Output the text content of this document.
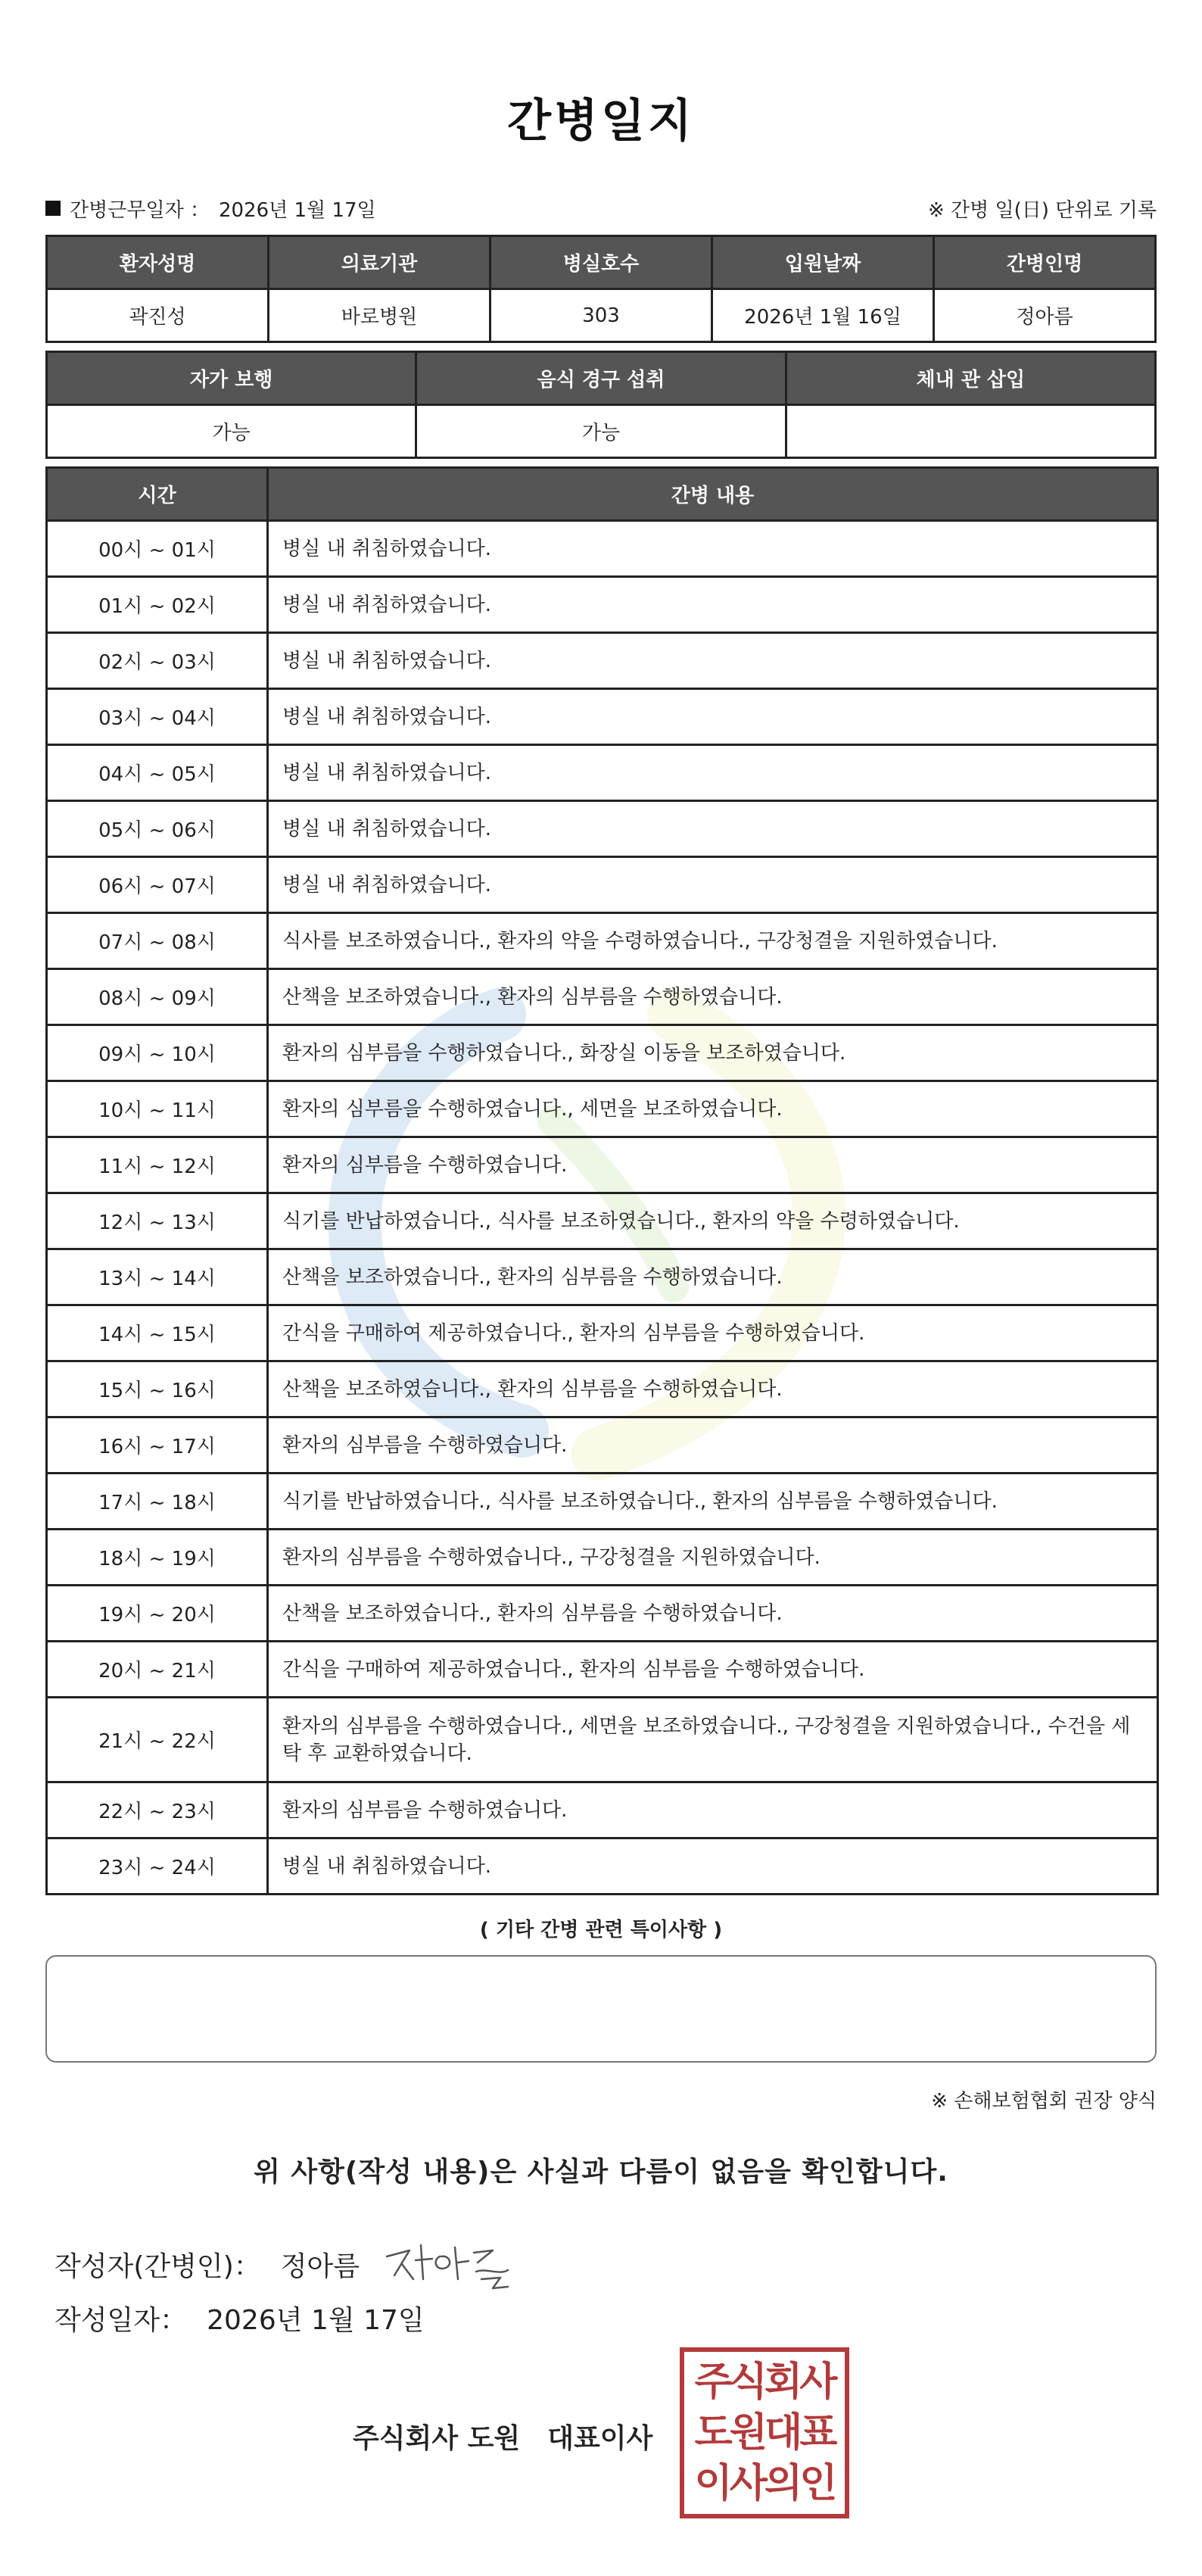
간병일지
간병근무일자 ： 2026년 1월 17일	※ 간병 일(日) 단위로 기록
환자성명	의료기관	병실호수	입원날짜	간병인명
곽진성	바로병원	303	2026년 1월 16일	정아름
자가 보행	음식 경구 섭취	체내 관 삽입
가능	가능	
시간	간병 내용
00시 ~ 01시	병실 내 취침하였습니다.
01시 ~ 02시	병실 내 취침하였습니다.
02시 ~ 03시	병실 내 취침하였습니다.
03시 ~ 04시	병실 내 취침하였습니다.
04시 ~ 05시	병실 내 취침하였습니다.
05시 ~ 06시	병실 내 취침하였습니다.
06시 ~ 07시	병실 내 취침하였습니다.
07시 ~ 08시	식사를 보조하였습니다., 환자의 약을 수령하였습니다., 구강청결을 지원하였습니다.
08시 ~ 09시	산책을 보조하였습니다., 환자의 심부름을 수행하였습니다.
09시 ~ 10시	환자의 심부름을 수행하였습니다., 화장실 이동을 보조하였습니다.
10시 ~ 11시	환자의 심부름을 수행하였습니다., 세면을 보조하였습니다.
11시 ~ 12시	환자의 심부름을 수행하였습니다.
12시 ~ 13시	식기를 반납하였습니다., 식사를 보조하였습니다., 환자의 약을 수령하였습니다.
13시 ~ 14시	산책을 보조하였습니다., 환자의 심부름을 수행하였습니다.
14시 ~ 15시	간식을 구매하여 제공하였습니다., 환자의 심부름을 수행하였습니다.
15시 ~ 16시	산책을 보조하였습니다., 환자의 심부름을 수행하였습니다.
16시 ~ 17시	환자의 심부름을 수행하였습니다.
17시 ~ 18시	식기를 반납하였습니다., 식사를 보조하였습니다., 환자의 심부름을 수행하였습니다.
18시 ~ 19시	환자의 심부름을 수행하였습니다., 구강청결을 지원하였습니다.
19시 ~ 20시	산책을 보조하였습니다., 환자의 심부름을 수행하였습니다.
20시 ~ 21시	간식을 구매하여 제공하였습니다., 환자의 심부름을 수행하였습니다.
21시 ~ 22시	환자의 심부름을 수행하였습니다., 세면을 보조하였습니다., 구강청결을 지원하였습니다., 수건을 세탁 후 교환하였습니다.
22시 ~ 23시	환자의 심부름을 수행하였습니다.
23시 ~ 24시	병실 내 취침하였습니다.
( 기타 간병 관련 특이사항 )
※ 손해보험협회 권장 양식
위 사항(작성 내용)은 사실과 다름이 없음을 확인합니다.
작성자(간병인)： 정아름
작성일자： 2026년 1월 17일
주식회사 도원　대표이사
주식회사
도원대표
이사의인
